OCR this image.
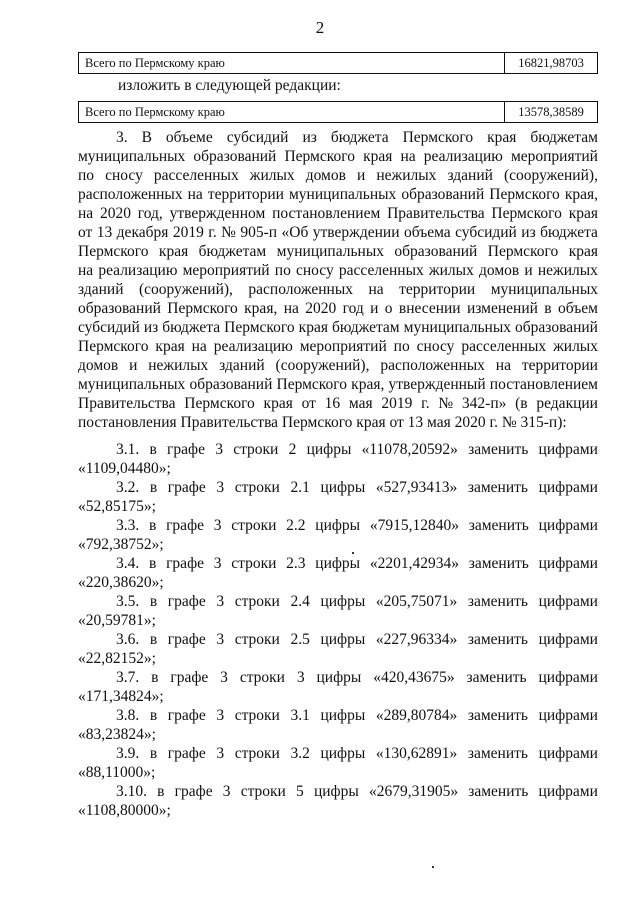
2
Всего по Пермскому краю	16821,98703
изложить в следующей редакции:
Всего по Пермскому краю	13578,38589
3. В объеме субсидий из бюджета Пермского края бюджетам
муниципальных образований Пермского края на реализацию мероприятий
по сносу расселенных жилых домов и нежилых зданий (сооружений),
расположенных на территории муниципальных образований Пермского края,
на 2020 год, утвержденном постановлением Правительства Пермского края
от 13 декабря 2019 г. № 905-п «Об утверждении объема субсидий из бюджета
Пермского края бюджетам муниципальных образований Пермского края
на реализацию мероприятий по сносу расселенных жилых домов и нежилых
зданий (сооружений), расположенных на территории муниципальных
образований Пермского края, на 2020 год и о внесении изменений в объем
субсидий из бюджета Пермского края бюджетам муниципальных образований
Пермского края на реализацию мероприятий по сносу расселенных жилых
домов и нежилых зданий (сооружений), расположенных на территории
муниципальных образований Пермского края, утвержденный постановлением
Правительства Пермского края от 16 мая 2019 г. № 342-п» (в редакции
постановления Правительства Пермского края от 13 мая 2020 г. № 315-п):
3.1. в графе 3 строки 2 цифры «11078,20592» заменить цифрами
«1109,04480»;
3.2. в графе 3 строки 2.1 цифры «527,93413» заменить цифрами
«52,85175»;
3.3. в графе 3 строки 2.2 цифры «7915,12840» заменить цифрами
«792,38752»;
3.4. в графе 3 строки 2.3 цифры «2201,42934» заменить цифрами
«220,38620»;
3.5. в графе 3 строки 2.4 цифры «205,75071» заменить цифрами
«20,59781»;
3.6. в графе 3 строки 2.5 цифры «227,96334» заменить цифрами
«22,82152»;
3.7. в графе 3 строки 3 цифры «420,43675» заменить цифрами
«171,34824»;
3.8. в графе 3 строки 3.1 цифры «289,80784» заменить цифрами
«83,23824»;
3.9. в графе 3 строки 3.2 цифры «130,62891» заменить цифрами
«88,11000»;
3.10. в графе 3 строки 5 цифры «2679,31905» заменить цифрами
«1108,80000»;
